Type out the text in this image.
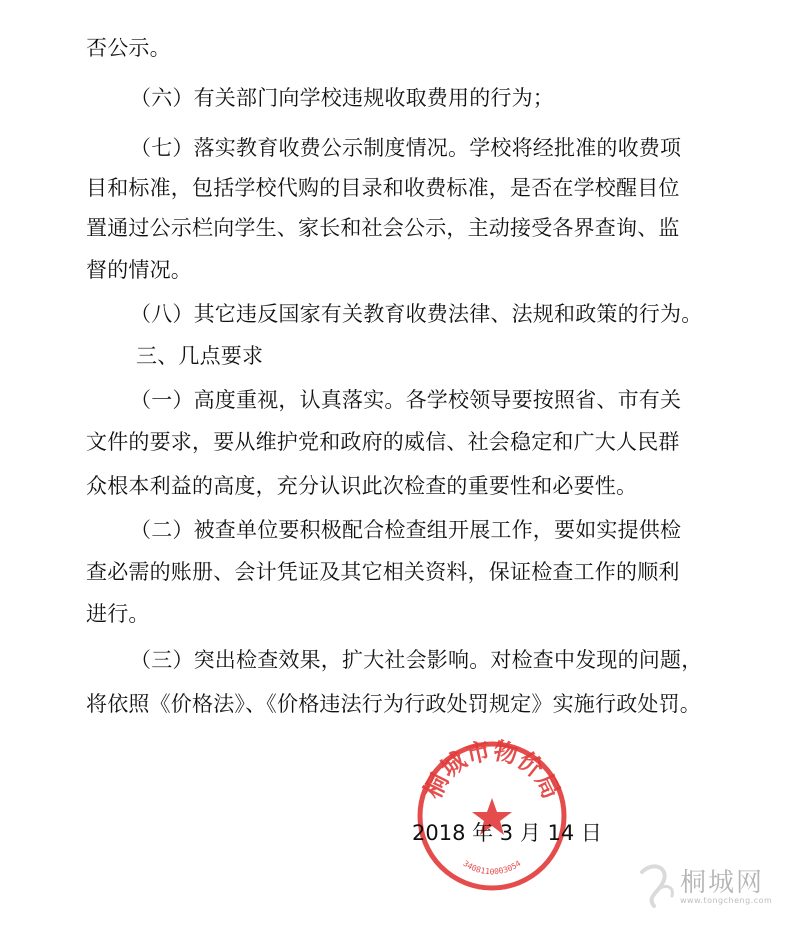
否公示。
（六）有关部门向学校违规收取费用的行为；
（七）落实教育收费公示制度情况。学校将经批准的收费项
目和标准，包括学校代购的目录和收费标准，是否在学校醒目位
置通过公示栏向学生、家长和社会公示，主动接受各界查询、监
督的情况。
（八）其它违反国家有关教育收费法律、法规和政策的行为。
三、几点要求
（一）高度重视，认真落实。各学校领导要按照省、市有关
文件的要求，要从维护党和政府的威信、社会稳定和广大人民群
众根本利益的高度，充分认识此次检查的重要性和必要性。
（二）被查单位要积极配合检查组开展工作，要如实提供检
查必需的账册、会计凭证及其它相关资料，保证检查工作的顺利
进行。
（三）突出检查效果，扩大社会影响。对检查中发现的问题，
将依照《价格法》、《价格违法行为行政处罚规定》实施行政处罚。
桐城市物价局
3408110003054
2018 年 3 月 14 日
桐城网
www.tongcheng.com
